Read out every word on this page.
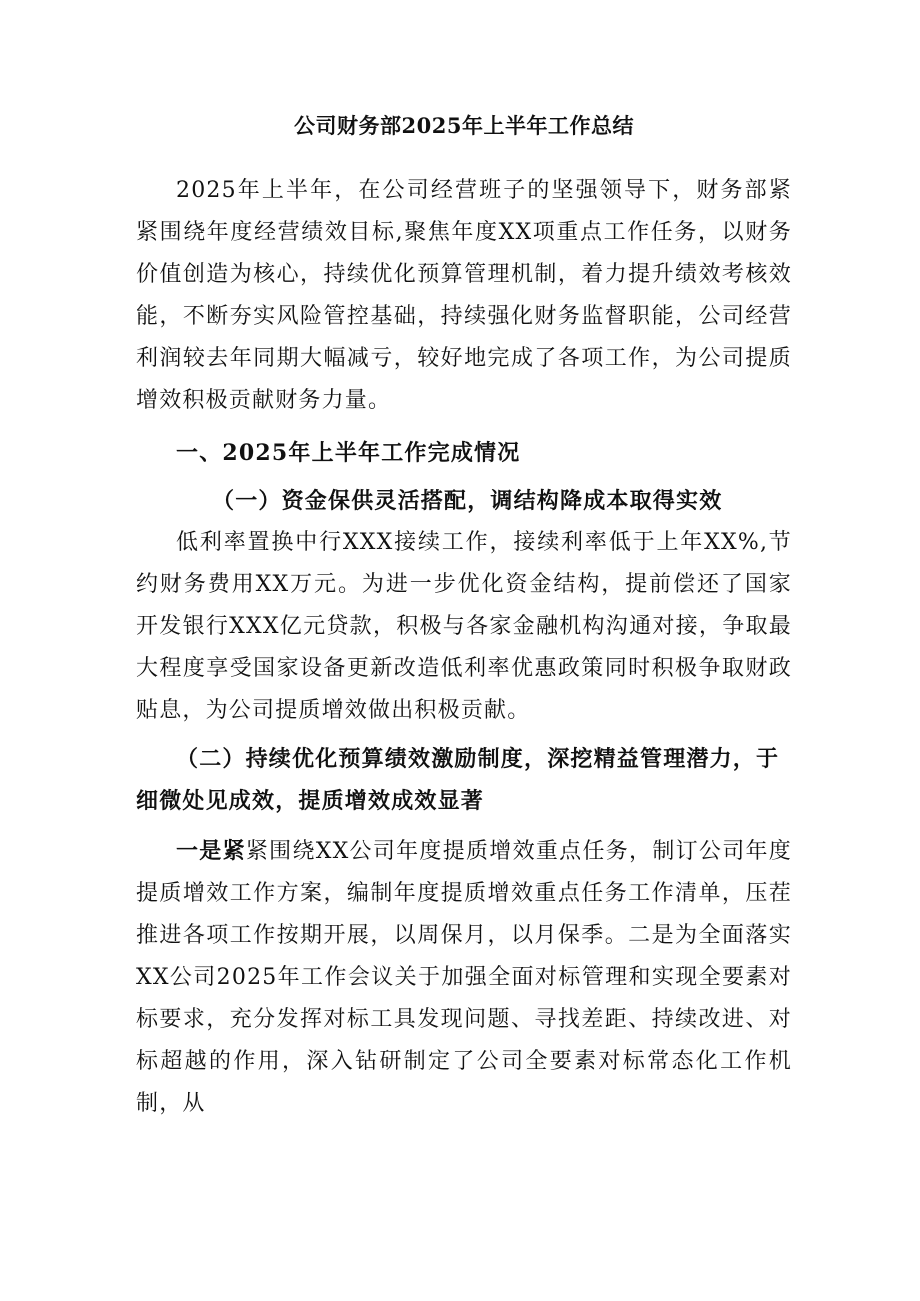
公司财务部2025年上半年工作总结

2025年上半年，在公司经营班子的坚强领导下，财务部紧紧围绕年度经营绩效目标,聚焦年度XX项重点工作任务，以财务价值创造为核心，持续优化预算管理机制，着力提升绩效考核效能，不断夯实风险管控基础，持续强化财务监督职能，公司经营利润较去年同期大幅减亏，较好地完成了各项工作，为公司提质增效积极贡献财务力量。

一、2025年上半年工作完成情况
（一）资金保供灵活搭配，调结构降成本取得实效

低利率置换中行XXX接续工作，接续利率低于上年XX%,节约财务费用XX万元。为进一步优化资金结构，提前偿还了国家开发银行XXX亿元贷款，积极与各家金融机构沟通对接，争取最大程度享受国家设备更新改造低利率优惠政策同时积极争取财政贴息，为公司提质增效做出积极贡献。

（二）持续优化预算绩效激励制度，深挖精益管理潜力，于细微处见成效，提质增效成效显著

一是紧紧围绕XX公司年度提质增效重点任务，制订公司年度提质增效工作方案，编制年度提质增效重点任务工作清单，压茬推进各项工作按期开展，以周保月，以月保季。二是为全面落实XX公司2025年工作会议关于加强全面对标管理和实现全要素对标要求，充分发挥对标工具发现问题、寻找差距、持续改进、对标超越的作用，深入钻研制定了公司全要素对标常态化工作机制，从
